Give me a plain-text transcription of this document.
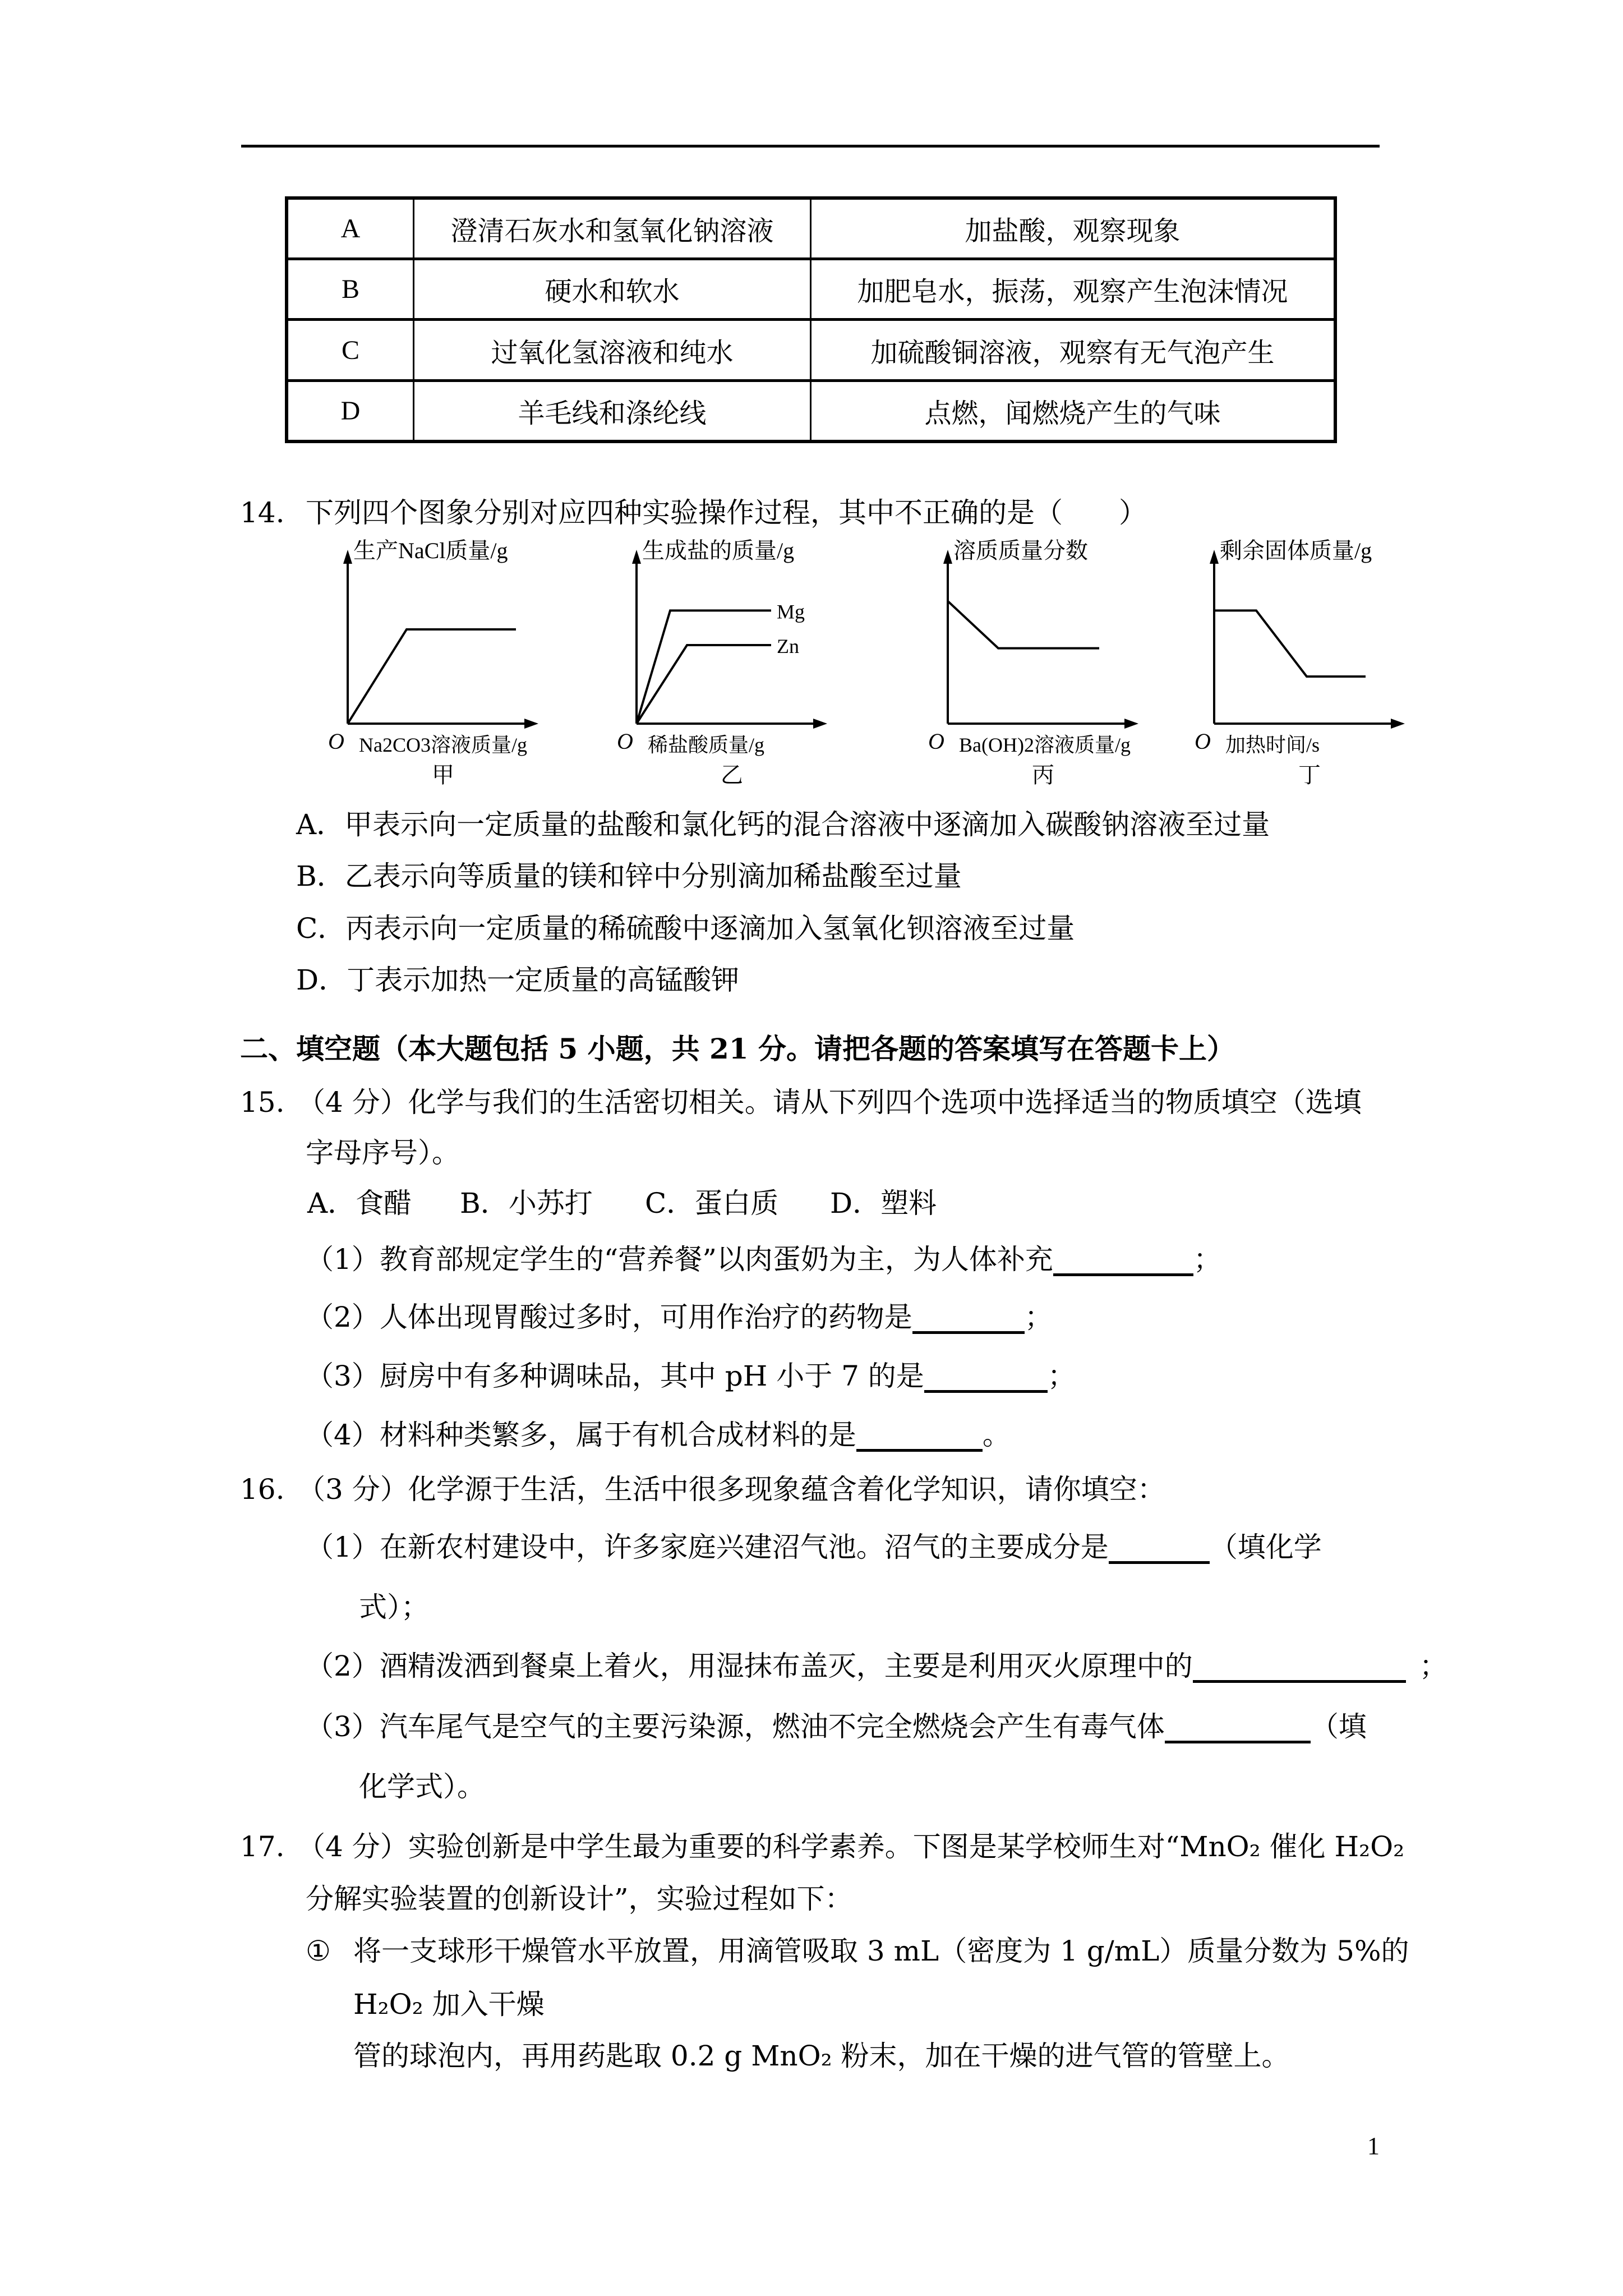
A	澄清石灰水和氢氧化钠溶液	加盐酸，观察现象
B	硬水和软水	加肥皂水，振荡，观察产生泡沫情况
C	过氧化氢溶液和纯水	加硫酸铜溶液，观察有无气泡产生
D	羊毛线和涤纶线	点燃，闻燃烧产生的气味
14. 下列四个图象分别对应四种实验操作过程，其中不正确的是（　　）
生产NaCl质量/g
O Na2CO3溶液质量/g
甲
生成盐的质量/g
O 稀盐酸质量/g
乙
Mg
Zn
溶质质量分数
O Ba(OH)2溶液质量/g
丙
剩余固体质量/g
O 加热时间/s
丁
A．甲表示向一定质量的盐酸和氯化钙的混合溶液中逐滴加入碳酸钠溶液至过量
B．乙表示向等质量的镁和锌中分别滴加稀盐酸至过量
C．丙表示向一定质量的稀硫酸中逐滴加入氢氧化钡溶液至过量
D．丁表示加热一定质量的高锰酸钾
二、填空题（本大题包括 5 小题，共 21 分。请把各题的答案填写在答题卡上）
15. （4 分）化学与我们的生活密切相关。请从下列四个选项中选择适当的物质填空（选填
字母序号）。
A．食醋 B．小苏打 C．蛋白质 D．塑料
（1）教育部规定学生的“营养餐”以肉蛋奶为主，为人体补充	；
（2）人体出现胃酸过多时，可用作治疗的药物是	；
（3）厨房中有多种调味品，其中 pH 小于 7 的是	；
（4）材料种类繁多，属于有机合成材料的是	。
16. （3 分）化学源于生活，生活中很多现象蕴含着化学知识，请你填空：
（1）在新农村建设中，许多家庭兴建沼气池。沼气的主要成分是	（填化学
式）；
（2）酒精泼洒到餐桌上着火，用湿抹布盖灭，主要是利用灭火原理中的	；
（3）汽车尾气是空气的主要污染源，燃油不完全燃烧会产生有毒气体	（填
化学式）。
17. （4 分）实验创新是中学生最为重要的科学素养。下图是某学校师生对“MnO₂ 催化 H₂O₂
分解实验装置的创新设计”，实验过程如下：
① 将一支球形干燥管水平放置，用滴管吸取 3 mL（密度为 1 g/mL）质量分数为 5%的
H₂O₂ 加入干燥
管的球泡内，再用药匙取 0.2 g MnO₂ 粉末，加在干燥的进气管的管壁上。
1
